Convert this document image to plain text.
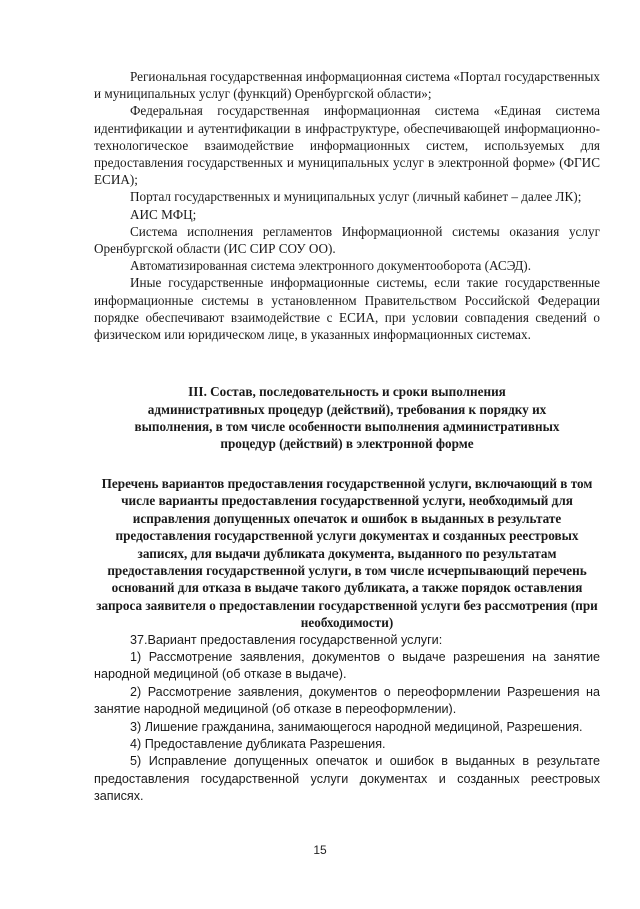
Региональная государственная информационная система «Портал государственных и муниципальных услуг (функций) Оренбургской области»;

Федеральная государственная информационная система «Единая система идентификации и аутентификации в инфраструктуре, обеспечивающей информационно-технологическое взаимодействие информационных систем, используемых для предоставления государственных и муниципальных услуг в электронной форме» (ФГИС ЕСИА);

Портал государственных и муниципальных услуг (личный кабинет – далее ЛК);

АИС МФЦ;

Система исполнения регламентов Информационной системы оказания услуг Оренбургской области (ИС СИР СОУ ОО).

Автоматизированная система электронного документооборота (АСЭД).

Иные государственные информационные системы, если такие государственные информационные системы в установленном Правительством Российской Федерации порядке обеспечивают взаимодействие с ЕСИА, при условии совпадения сведений о физическом или юридическом лице, в указанных информационных системах.

III. Состав, последовательность и сроки выполнения административных процедур (действий), требования к порядку их выполнения, в том числе особенности выполнения административных процедур (действий) в электронной форме

Перечень вариантов предоставления государственной услуги, включающий в том числе варианты предоставления государственной услуги, необходимый для исправления допущенных опечаток и ошибок в выданных в результате предоставления государственной услуги документах и созданных реестровых записях, для выдачи дубликата документа, выданного по результатам предоставления государственной услуги, в том числе исчерпывающий перечень оснований для отказа в выдаче такого дубликата, а также порядок оставления запроса заявителя о предоставлении государственной услуги без рассмотрения (при необходимости)

37.Вариант предоставления государственной услуги:

1) Рассмотрение заявления, документов о выдаче разрешения на занятие народной медициной (об отказе в выдаче).

2) Рассмотрение заявления, документов о переоформлении Разрешения на занятие народной медициной (об отказе в переоформлении).

3) Лишение гражданина, занимающегося народной медициной, Разрешения.

4) Предоставление дубликата Разрешения.

5) Исправление допущенных опечаток и ошибок в выданных в результате предоставления государственной услуги документах и созданных реестровых записях.

15
